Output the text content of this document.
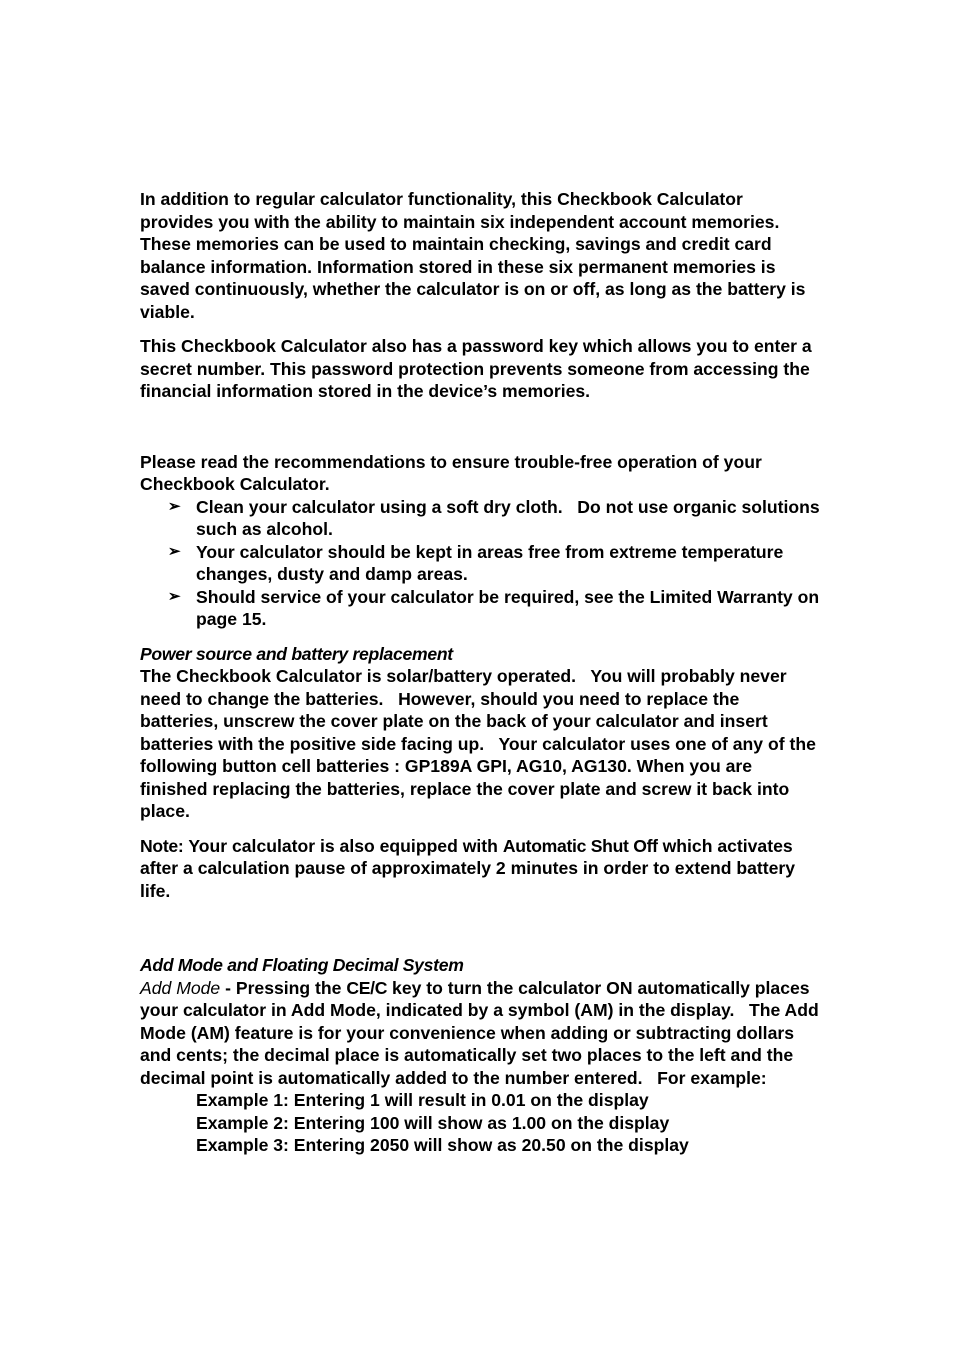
In addition to regular calculator functionality, this Checkbook Calculator provides you with the ability to maintain six independent account memories. These memories can be used to maintain checking, savings and credit card balance information. Information stored in these six permanent memories is saved continuously, whether the calculator is on or off, as long as the battery is viable.

This Checkbook Calculator also has a password key which allows you to enter a secret number. This password protection prevents someone from accessing the financial information stored in the device’s memories.

Please read the recommendations to ensure trouble-free operation of your Checkbook Calculator.

➢ Clean your calculator using a soft dry cloth.   Do not use organic solutions such as alcohol.
➢ Your calculator should be kept in areas free from extreme temperature changes, dusty and damp areas.
➢ Should service of your calculator be required, see the Limited Warranty on page 15.

Power source and battery replacement

The Checkbook Calculator is solar/battery operated.   You will probably never need to change the batteries.   However, should you need to replace the batteries, unscrew the cover plate on the back of your calculator and insert batteries with the positive side facing up.   Your calculator uses one of any of the following button cell batteries : GP189A GPI, AG10, AG130. When you are finished replacing the batteries, replace the cover plate and screw it back into place.

Note: Your calculator is also equipped with Automatic Shut Off which activates after a calculation pause of approximately 2 minutes in order to extend battery life.

Add Mode and Floating Decimal System

Add Mode - Pressing the CE/C key to turn the calculator ON automatically places your calculator in Add Mode, indicated by a symbol (AM) in the display.   The Add Mode (AM) feature is for your convenience when adding or subtracting dollars and cents; the decimal place is automatically set two places to the left and the decimal point is automatically added to the number entered.   For example:

Example 1: Entering 1 will result in 0.01 on the display

Example 2: Entering 100 will show as 1.00 on the display

Example 3: Entering 2050 will show as 20.50 on the display
